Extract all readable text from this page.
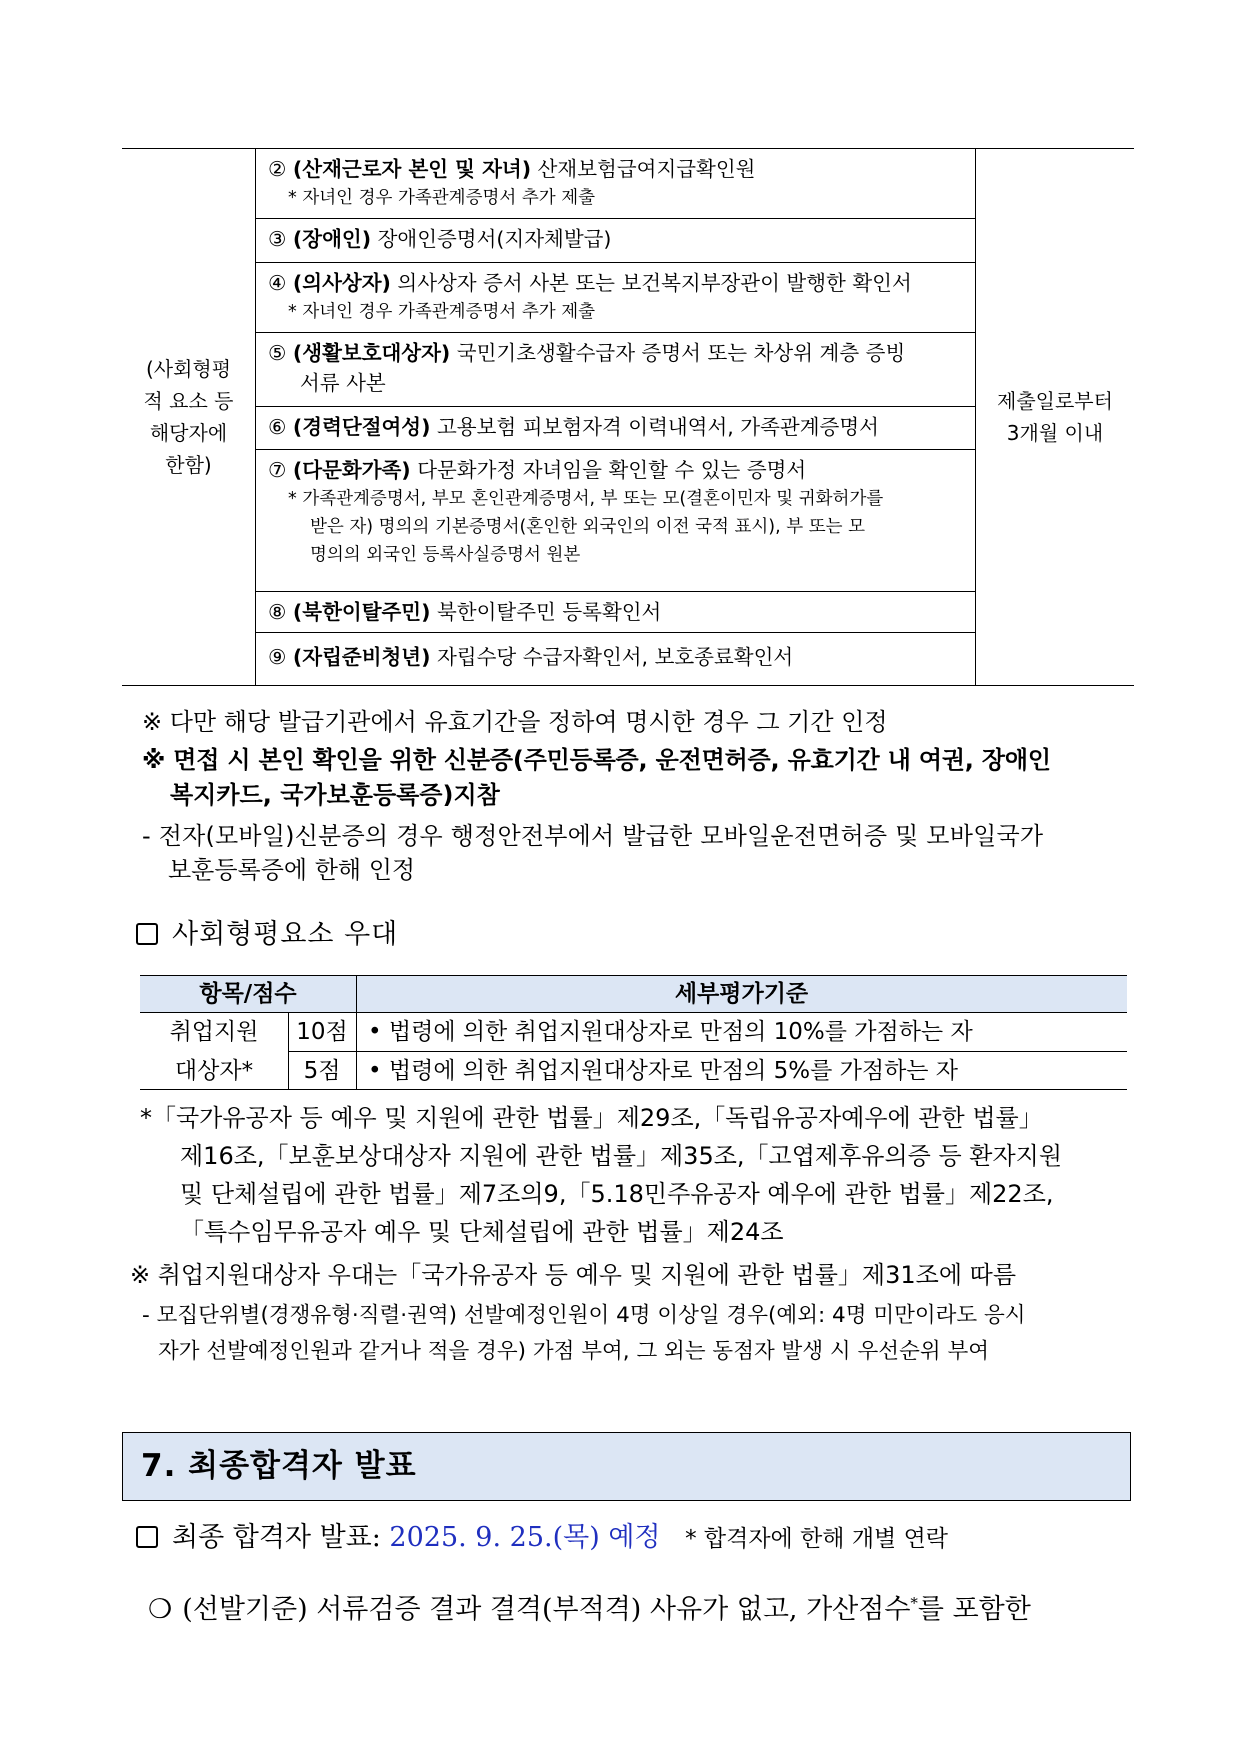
(사회형평
적 요소 등
해당자에
한함)
② (산재근로자 본인 및 자녀) 산재보험급여지급확인원
* 자녀인 경우 가족관계증명서 추가 제출
③ (장애인) 장애인증명서(지자체발급)
④ (의사상자) 의사상자 증서 사본 또는 보건복지부장관이 발행한 확인서
* 자녀인 경우 가족관계증명서 추가 제출
⑤ (생활보호대상자) 국민기초생활수급자 증명서 또는 차상위 계층 증빙
서류 사본
⑥ (경력단절여성) 고용보험 피보험자격 이력내역서, 가족관계증명서
⑦ (다문화가족) 다문화가정 자녀임을 확인할 수 있는 증명서
* 가족관계증명서, 부모 혼인관계증명서, 부 또는 모(결혼이민자 및 귀화허가를
받은 자) 명의의 기본증명서(혼인한 외국인의 이전 국적 표시), 부 또는 모
명의의 외국인 등록사실증명서 원본
⑧ (북한이탈주민) 북한이탈주민 등록확인서
⑨ (자립준비청년) 자립수당 수급자확인서, 보호종료확인서
제출일로부터
3개월 이내
※ 다만 해당 발급기관에서 유효기간을 정하여 명시한 경우 그 기간 인정
※ 면접 시 본인 확인을 위한 신분증(주민등록증, 운전면허증, 유효기간 내 여권, 장애인
복지카드, 국가보훈등록증)지참
- 전자(모바일)신분증의 경우 행정안전부에서 발급한 모바일운전면허증 및 모바일국가
보훈등록증에 한해 인정
사회형평요소 우대
항목/점수	세부평가기준
취업지원
대상자*
10점 • 법령에 의한 취업지원대상자로 만점의 10%를 가점하는 자
5점	• 법령에 의한 취업지원대상자로 만점의 5%를 가점하는 자
*「국가유공자 등 예우 및 지원에 관한 법률」제29조,「독립유공자예우에 관한 법률」
제16조,「보훈보상대상자 지원에 관한 법률」제35조,「고엽제후유의증 등 환자지원
및 단체설립에 관한 법률」제7조의9,「5.18민주유공자 예우에 관한 법률」제22조,
「특수임무유공자 예우 및 단체설립에 관한 법률」제24조
※ 취업지원대상자 우대는「국가유공자 등 예우 및 지원에 관한 법률」제31조에 따름
- 모집단위별(경쟁유형·직렬·권역) 선발예정인원이 4명 이상일 경우(예외: 4명 미만이라도 응시
자가 선발예정인원과 같거나 적을 경우) 가점 부여, 그 외는 동점자 발생 시 우선순위 부여
7. 최종합격자 발표
최종 합격자 발표: 2025. 9. 25.(목) 예정 * 합격자에 한해 개별 연락
❍ (선발기준) 서류검증 결과 결격(부적격) 사유가 없고, 가산점수*를 포함한
